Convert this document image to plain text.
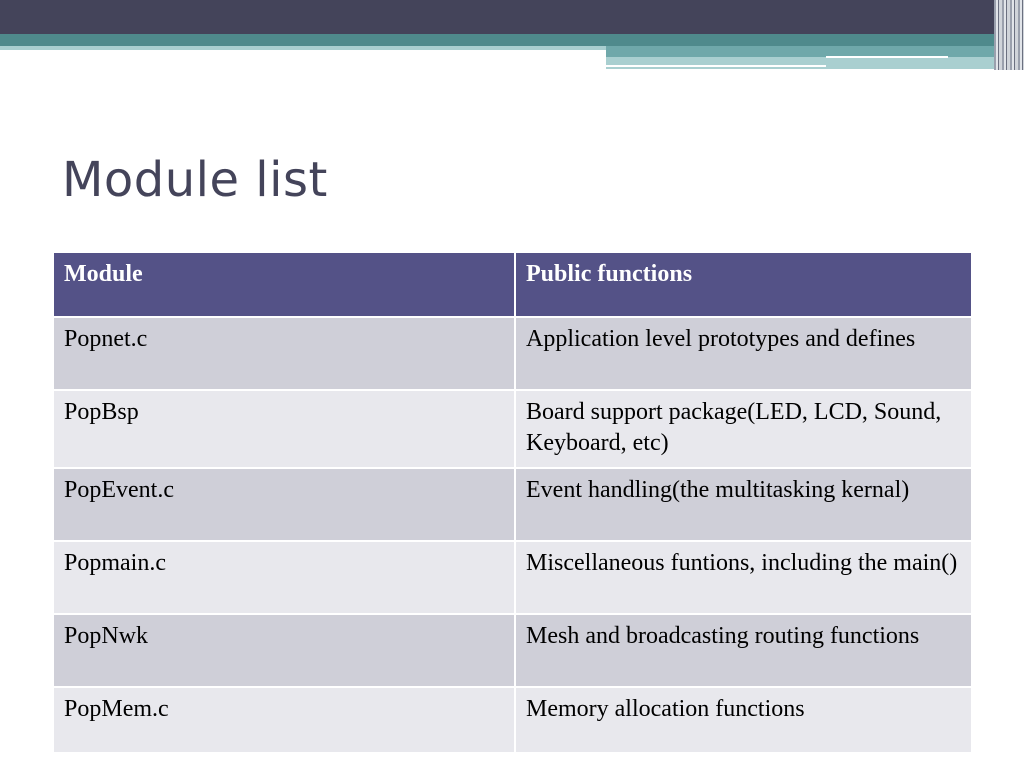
Module list
Module	Public functions
Popnet.c	Application level prototypes and defines
PopBsp	Board support package(LED, LCD, Sound, Keyboard, etc)
PopEvent.c	Event handling(the multitasking kernal)
Popmain.c	Miscellaneous funtions, including the main()
PopNwk	Mesh and broadcasting routing functions
PopMem.c	Memory allocation functions
